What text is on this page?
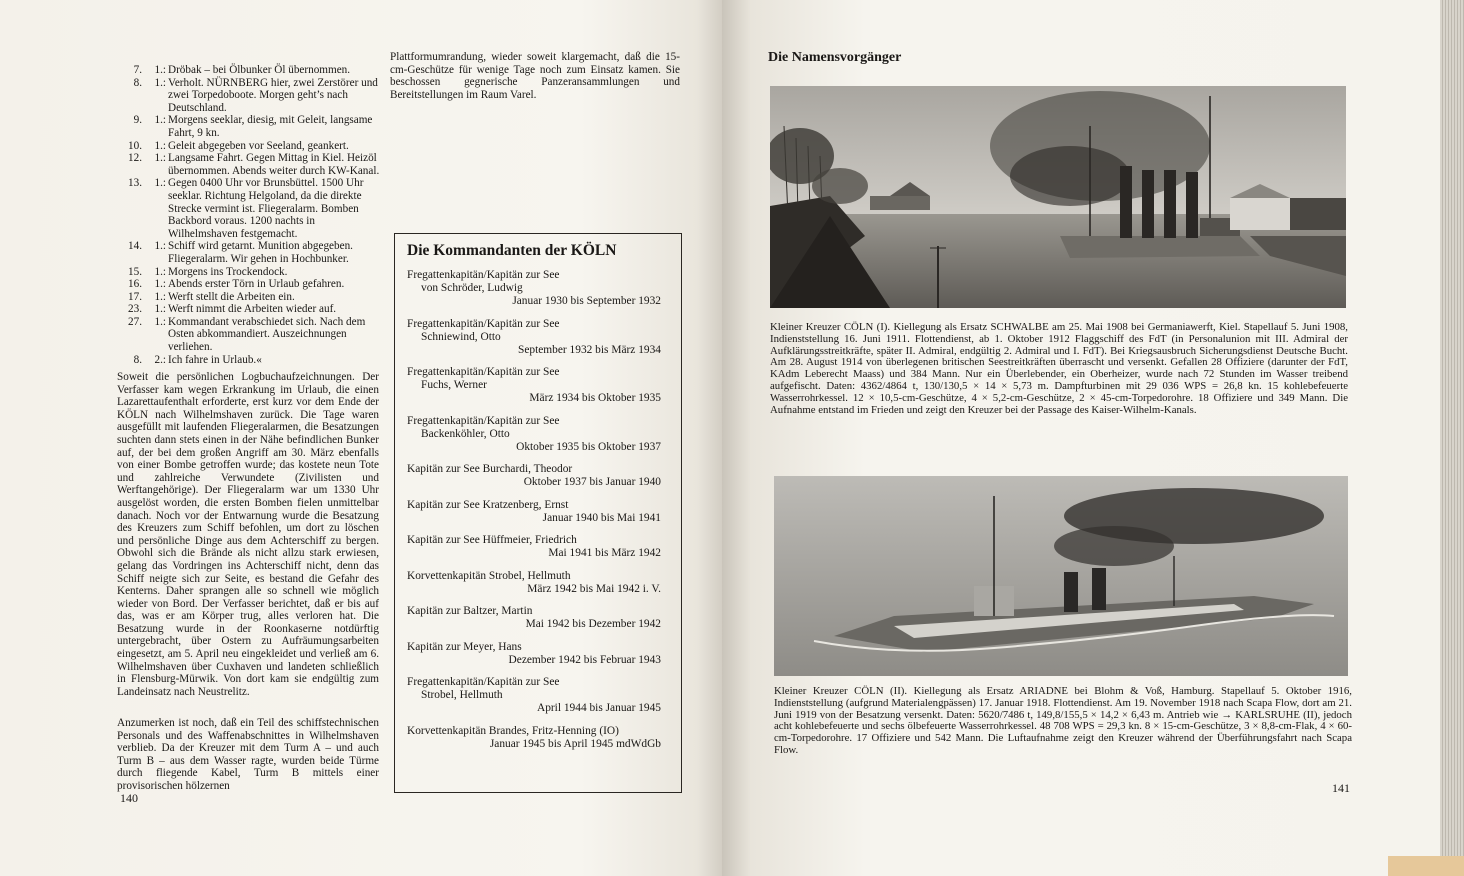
7.	1.: Dröbak – bei Ölbunker Öl übernommen.
8.	1.: Verholt. NÜRNBERG hier, zwei Zerstörer und zwei Torpedoboote. Morgen geht’s nach Deutschland.
9.	1.: Morgens seeklar, diesig, mit Geleit, langsame Fahrt, 9 kn.
10.	1.: Geleit abgegeben vor Seeland, geankert.
12.	1.: Langsame Fahrt. Gegen Mittag in Kiel. Heizöl übernommen. Abends weiter durch KW-Kanal.
13.	1.: Gegen 0400 Uhr vor Brunsbüttel. 1500 Uhr seeklar. Richtung Helgoland, da die direkte Strecke vermint ist. Fliegeralarm. Bomben Backbord voraus. 1200 nachts in Wilhelmshaven festgemacht.
14.	1.: Schiff wird getarnt. Munition abgegeben. Fliegeralarm. Wir gehen in Hochbunker.
15.	1.: Morgens ins Trockendock.
16.	1.: Abends erster Törn in Urlaub gefahren.
17.	1.: Werft stellt die Arbeiten ein.
23.	1.: Werft nimmt die Arbeiten wieder auf.
27.	1.: Kommandant verabschiedet sich. Nach dem Osten abkommandiert. Auszeichnungen verliehen.
8.	2.: Ich fahre in Urlaub.«
Soweit die persönlichen Logbuchaufzeichnungen. Der Verfasser kam wegen Erkrankung im Urlaub, die einen Lazarettaufenthalt erforderte, erst kurz vor dem Ende der KÖLN nach Wilhelmshaven zurück. Die Tage waren ausgefüllt mit laufenden Fliegeralarmen, die Besatzungen suchten dann stets einen in der Nähe befindlichen Bunker auf, der bei dem großen Angriff am 30. März ebenfalls von einer Bombe getroffen wurde; das kostete neun Tote und zahlreiche Verwundete (Zivilisten und Werftangehörige). Der Fliegeralarm war um 1330 Uhr ausgelöst worden, die ersten Bomben fielen unmittelbar danach. Noch vor der Entwarnung wurde die Besatzung des Kreuzers zum Schiff befohlen, um dort zu löschen und persönliche Dinge aus dem Achterschiff zu bergen. Obwohl sich die Brände als nicht allzu stark erwiesen, gelang das Vordringen ins Achterschiff nicht, denn das Schiff neigte sich zur Seite, es bestand die Gefahr des Kenterns. Daher sprangen alle so schnell wie möglich wieder von Bord. Der Verfasser berichtet, daß er bis auf das, was er am Körper trug, alles verloren hat. Die Besatzung wurde in der Roonkaserne notdürftig untergebracht, über Ostern zu Aufräumungsarbeiten eingesetzt, am 5. April neu eingekleidet und verließ am 6. Wilhelmshaven über Cuxhaven und landeten schließlich in Flensburg-Mürwik. Von dort kam sie endgültig zum Landeinsatz nach Neustrelitz.
Anzumerken ist noch, daß ein Teil des schiffstechnischen Personals und des Waffenabschnittes in Wilhelmshaven verblieb. Da der Kreuzer mit dem Turm A – und auch Turm B – aus dem Wasser ragte, wurden beide Türme durch fliegende Kabel, Turm B mittels einer provisorischen hölzernen
Plattformumrandung, wieder soweit klargemacht, daß die 15-cm-Geschütze für wenige Tage noch zum Einsatz kamen. Sie beschossen gegnerische Panzeransammlungen und Bereitstellungen im Raum Varel.
140
Die Kommandanten der KÖLN
Fregattenkapitän/Kapitän zur See
von Schröder, Ludwig
Januar 1930 bis September 1932
Fregattenkapitän/Kapitän zur See
Schniewind, Otto
September 1932 bis März 1934
Fregattenkapitän/Kapitän zur See
Fuchs, Werner
März 1934 bis Oktober 1935
Fregattenkapitän/Kapitän zur See
Backenköhler, Otto
Oktober 1935 bis Oktober 1937
Kapitän zur See Burchardi, Theodor
Oktober 1937 bis Januar 1940
Kapitän zur See Kratzenberg, Ernst
Januar 1940 bis Mai 1941
Kapitän zur See Hüffmeier, Friedrich
Mai 1941 bis März 1942
Korvettenkapitän Strobel, Hellmuth
März 1942 bis Mai 1942 i. V.
Kapitän zur Baltzer, Martin
Mai 1942 bis Dezember 1942
Kapitän zur Meyer, Hans
Dezember 1942 bis Februar 1943
Fregattenkapitän/Kapitän zur See
Strobel, Hellmuth
April 1944 bis Januar 1945
Korvettenkapitän Brandes, Fritz-Henning (IO)
Januar 1945 bis April 1945 mdWdGb
Die Namensvorgänger
Kleiner Kreuzer CÖLN (I). Kiellegung als Ersatz SCHWALBE am 25. Mai 1908 bei Germaniawerft, Kiel. Stapellauf 5. Juni 1908, Indienststellung 16. Juni 1911. Flottendienst, ab 1. Oktober 1912 Flaggschiff des FdT (in Personalunion mit III. Admiral der Aufklärungsstreitkräfte, später II. Admiral, endgültig 2. Admiral und I. FdT). Bei Kriegsausbruch Sicherungsdienst Deutsche Bucht. Am 28. August 1914 von überlegenen britischen Seestreitkräften überrascht und versenkt. Gefallen 28 Offiziere (darunter der FdT, KAdm Leberecht Maass) und 384 Mann. Nur ein Überlebender, ein Oberheizer, wurde nach 72 Stunden im Wasser treibend aufgefischt. Daten: 4362/4864 t, 130/130,5 × 14 × 5,73 m. Dampfturbinen mit 29 036 WPS = 26,8 kn. 15 kohlebefeuerte Wasserrohrkessel. 12 × 10,5-cm-Geschütze, 4 × 5,2-cm-Geschütze, 2 × 45-cm-Torpedorohre. 18 Offiziere und 349 Mann. Die Aufnahme entstand im Frieden und zeigt den Kreuzer bei der Passage des Kaiser-Wilhelm-Kanals.
Kleiner Kreuzer CÖLN (II). Kiellegung als Ersatz ARIADNE bei Blohm & Voß, Hamburg. Stapellauf 5. Oktober 1916, Indienststellung (aufgrund Materialengpässen) 17. Januar 1918. Flottendienst. Am 19. November 1918 nach Scapa Flow, dort am 21. Juni 1919 von der Besatzung versenkt. Daten: 5620/7486 t, 149,8/155,5 × 14,2 × 6,43 m. Antrieb wie → KARLSRUHE (II), jedoch acht kohlebefeuerte und sechs ölbefeuerte Wasserrohrkessel. 48 708 WPS = 29,3 kn. 8 × 15-cm-Geschütze, 3 × 8,8-cm-Flak, 4 × 60-cm-Torpedorohre. 17 Offiziere und 542 Mann. Die Luftaufnahme zeigt den Kreuzer während der Überführungsfahrt nach Scapa Flow.
141
